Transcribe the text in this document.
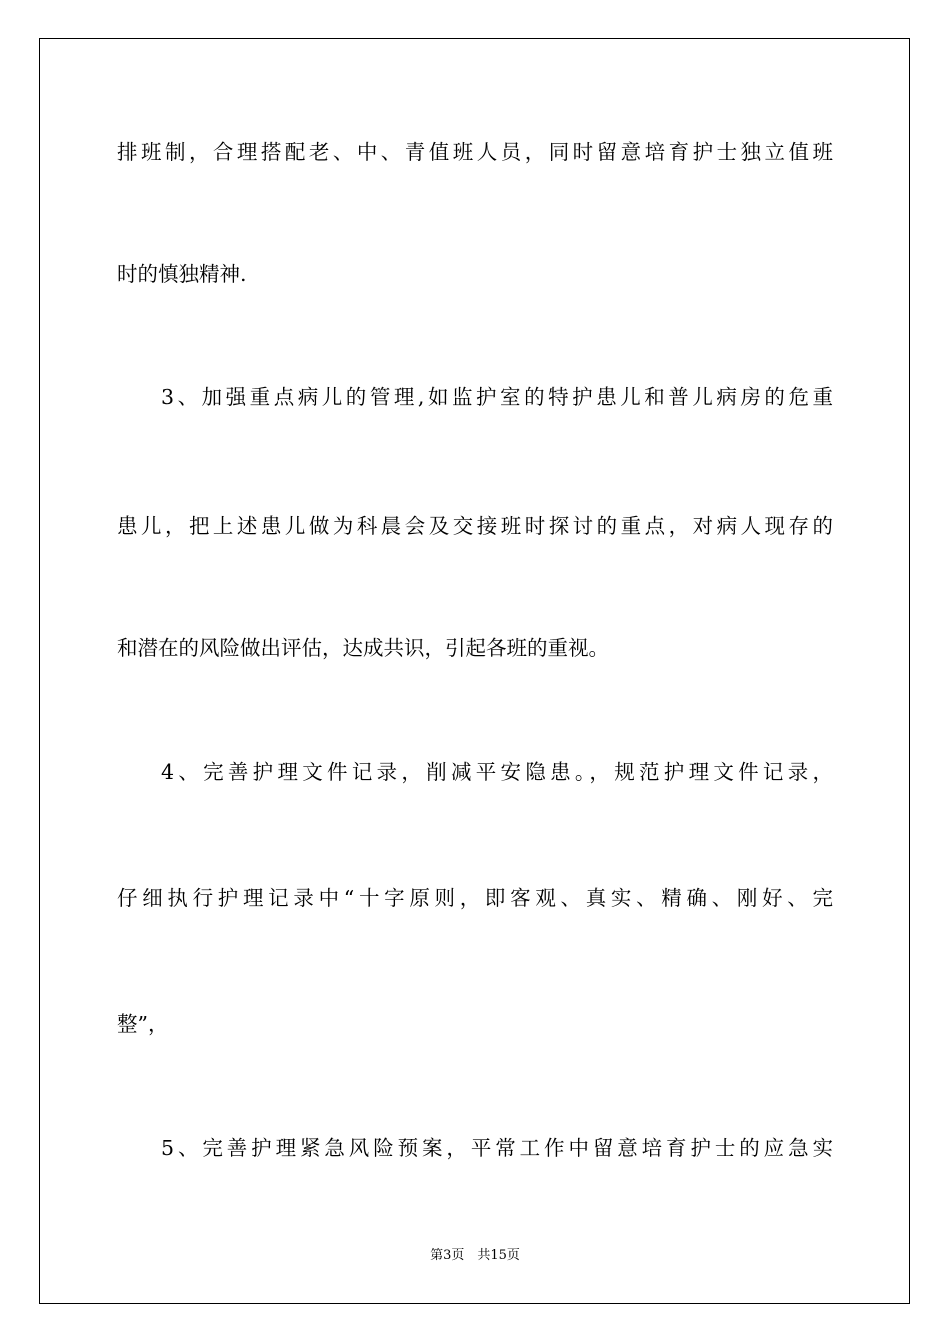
排班制，合理搭配老、中、青值班人员，同时留意培育护士独立值班
时的慎独精神.
3、加强重点病儿的管理,如监护室的特护患儿和普儿病房的危重
患儿，把上述患儿做为科晨会及交接班时探讨的重点，对病人现存的
和潜在的风险做出评估，达成共识，引起各班的重视。
4、完善护理文件记录，削减平安隐患。，规范护理文件记录，
仔细执行护理记录中“十字原则，即客观、真实、精确、刚好、完
整”，
5、完善护理紧急风险预案，平常工作中留意培育护士的应急实
第3页　共15页
